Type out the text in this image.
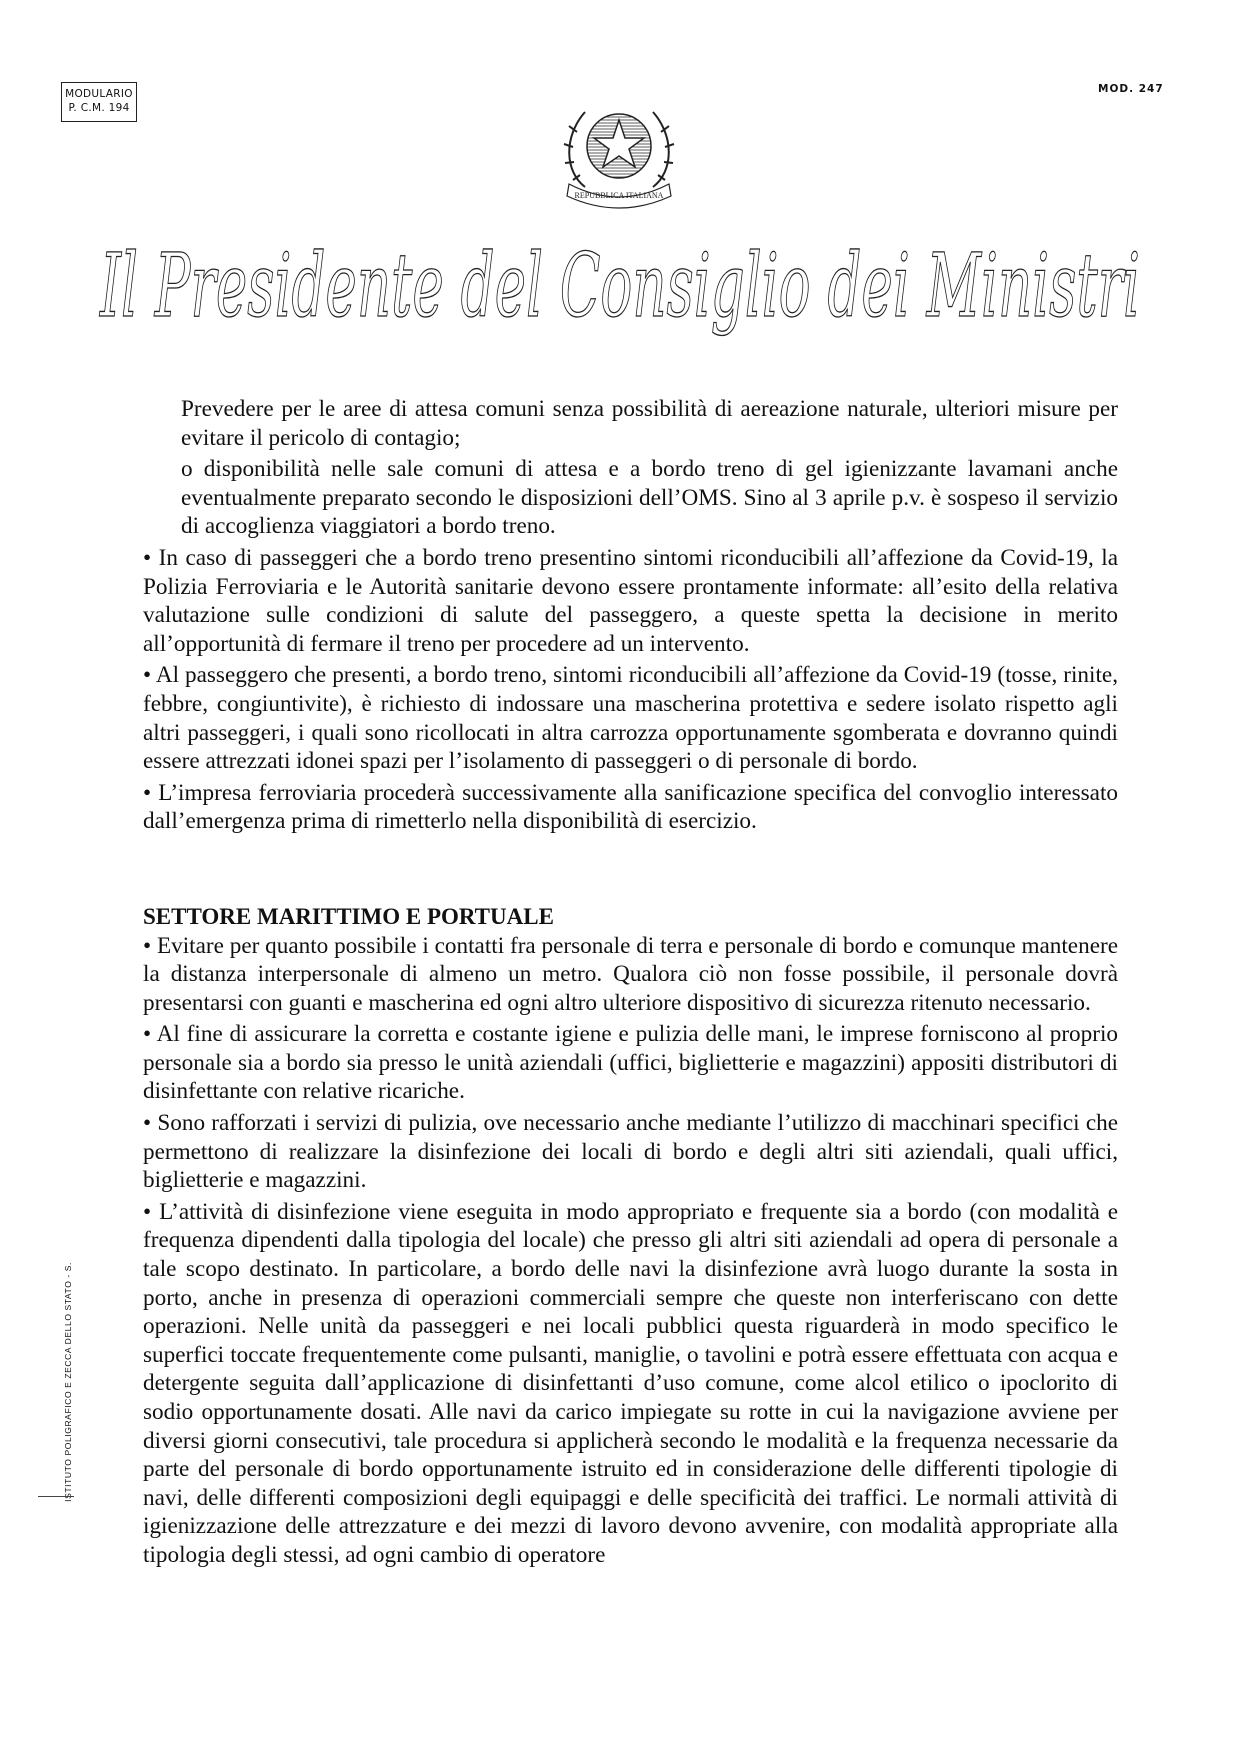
MODULARIO
P. C.M. 194
MOD. 247
REPUBBLICA ITALIANA
Il Presidente del Consiglio dei Ministri

Prevedere per le aree di attesa comuni senza possibilità di aereazione naturale, ulteriori misure per evitare il pericolo di contagio;

o disponibilità nelle sale comuni di attesa e a bordo treno di gel igienizzante lavamani anche eventualmente preparato secondo le disposizioni dell’OMS. Sino al 3 aprile p.v. è sospeso il servizio di accoglienza viaggiatori a bordo treno.

• In caso di passeggeri che a bordo treno presentino sintomi riconducibili all’affezione da Covid-19, la Polizia Ferroviaria e le Autorità sanitarie devono essere prontamente informate: all’esito della relativa valutazione sulle condizioni di salute del passeggero, a queste spetta la decisione in merito all’opportunità di fermare il treno per procedere ad un intervento.

• Al passeggero che presenti, a bordo treno, sintomi riconducibili all’affezione da Covid-19 (tosse, rinite, febbre, congiuntivite), è richiesto di indossare una mascherina protettiva e sedere isolato rispetto agli altri passeggeri, i quali sono ricollocati in altra carrozza opportunamente sgomberata e dovranno quindi essere attrezzati idonei spazi per l’isolamento di passeggeri o di personale di bordo.

• L’impresa ferroviaria procederà successivamente alla sanificazione specifica del convoglio interessato dall’emergenza prima di rimetterlo nella disponibilità di esercizio.

SETTORE MARITTIMO E PORTUALE

• Evitare per quanto possibile i contatti fra personale di terra e personale di bordo e comunque mantenere la distanza interpersonale di almeno un metro. Qualora ciò non fosse possibile, il personale dovrà presentarsi con guanti e mascherina ed ogni altro ulteriore dispositivo di sicurezza ritenuto necessario.

• Al fine di assicurare la corretta e costante igiene e pulizia delle mani, le imprese forniscono al proprio personale sia a bordo sia presso le unità aziendali (uffici, biglietterie e magazzini) appositi distributori di disinfettante con relative ricariche.

• Sono rafforzati i servizi di pulizia, ove necessario anche mediante l’utilizzo di macchinari specifici che permettono di realizzare la disinfezione dei locali di bordo e degli altri siti aziendali, quali uffici, biglietterie e magazzini.

• L’attività di disinfezione viene eseguita in modo appropriato e frequente sia a bordo (con modalità e frequenza dipendenti dalla tipologia del locale) che presso gli altri siti aziendali ad opera di personale a tale scopo destinato. In particolare, a bordo delle navi la disinfezione avrà luogo durante la sosta in porto, anche in presenza di operazioni commerciali sempre che queste non interferiscano con dette operazioni. Nelle unità da passeggeri e nei locali pubblici questa riguarderà in modo specifico le superfici toccate frequentemente come pulsanti, maniglie, o tavolini e potrà essere effettuata con acqua e detergente seguita dall’applicazione di disinfettanti d’uso comune, come alcol etilico o ipoclorito di sodio opportunamente dosati. Alle navi da carico impiegate su rotte in cui la navigazione avviene per diversi giorni consecutivi, tale procedura si applicherà secondo le modalità e la frequenza necessarie da parte del personale di bordo opportunamente istruito ed in considerazione delle differenti tipologie di navi, delle differenti composizioni degli equipaggi e delle specificità dei traffici. Le normali attività di igienizzazione delle attrezzature e dei mezzi di lavoro devono avvenire, con modalità appropriate alla tipologia degli stessi, ad ogni cambio di operatore

ISTITUTO POLIGRAFICO E ZECCA DELLO STATO - S.
